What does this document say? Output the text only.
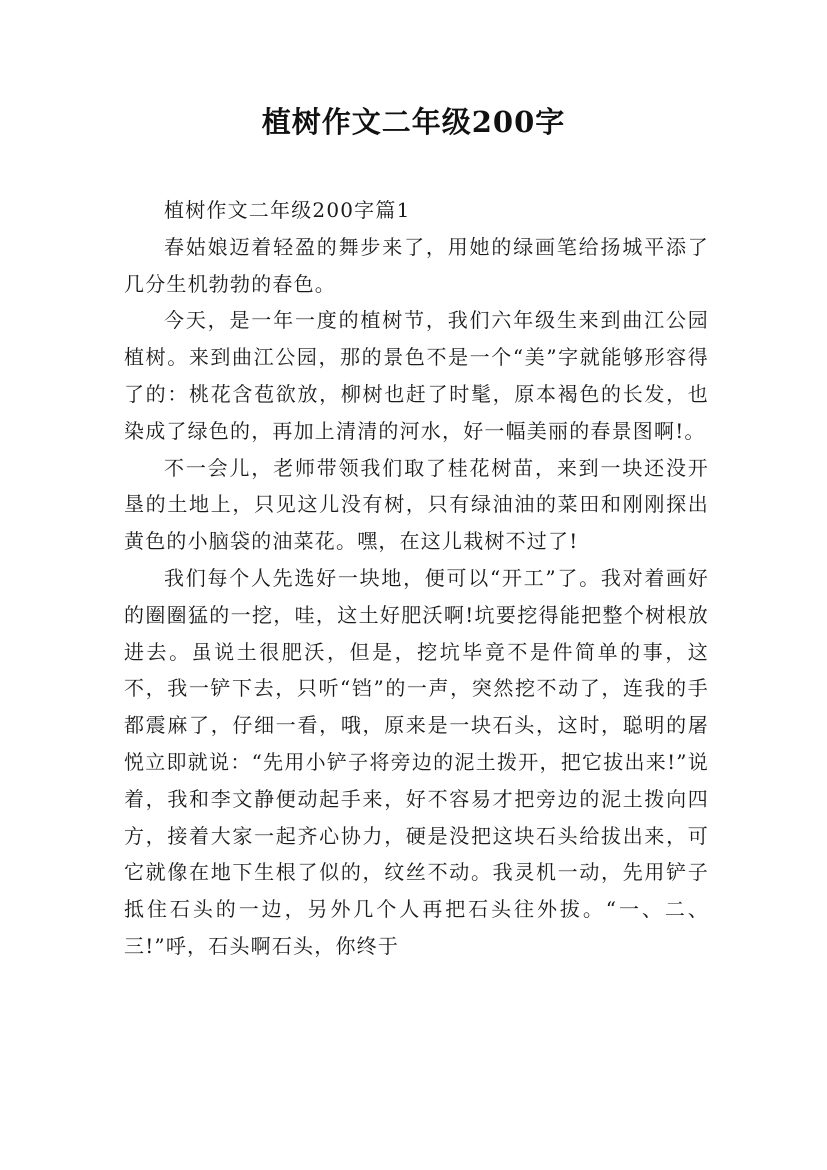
植树作文二年级200字

植树作文二年级200字篇1

春姑娘迈着轻盈的舞步来了，用她的绿画笔给扬城平添了几分生机勃勃的春色。

今天，是一年一度的植树节，我们六年级生来到曲江公园植树。来到曲江公园，那的景色不是一个“美”字就能够形容得了的：桃花含苞欲放，柳树也赶了时髦，原本褐色的长发，也染成了绿色的，再加上清清的河水，好一幅美丽的春景图啊!。

不一会儿，老师带领我们取了桂花树苗，来到一块还没开垦的土地上，只见这儿没有树，只有绿油油的菜田和刚刚探出黄色的小脑袋的油菜花。嘿，在这儿栽树不过了!

我们每个人先选好一块地，便可以“开工”了。我对着画好的圈圈猛的一挖，哇，这土好肥沃啊!坑要挖得能把整个树根放进去。虽说土很肥沃，但是，挖坑毕竟不是件简单的事，这不，我一铲下去，只听“铛”的一声，突然挖不动了，连我的手都震麻了，仔细一看，哦，原来是一块石头，这时，聪明的屠悦立即就说：“先用小铲子将旁边的泥土拨开，把它拔出来!”说着，我和李文静便动起手来，好不容易才把旁边的泥土拨向四方，接着大家一起齐心协力，硬是没把这块石头给拔出来，可它就像在地下生根了似的，纹丝不动。我灵机一动，先用铲子抵住石头的一边，另外几个人再把石头往外拔。“一、二、三!”呼，石头啊石头，你终于
